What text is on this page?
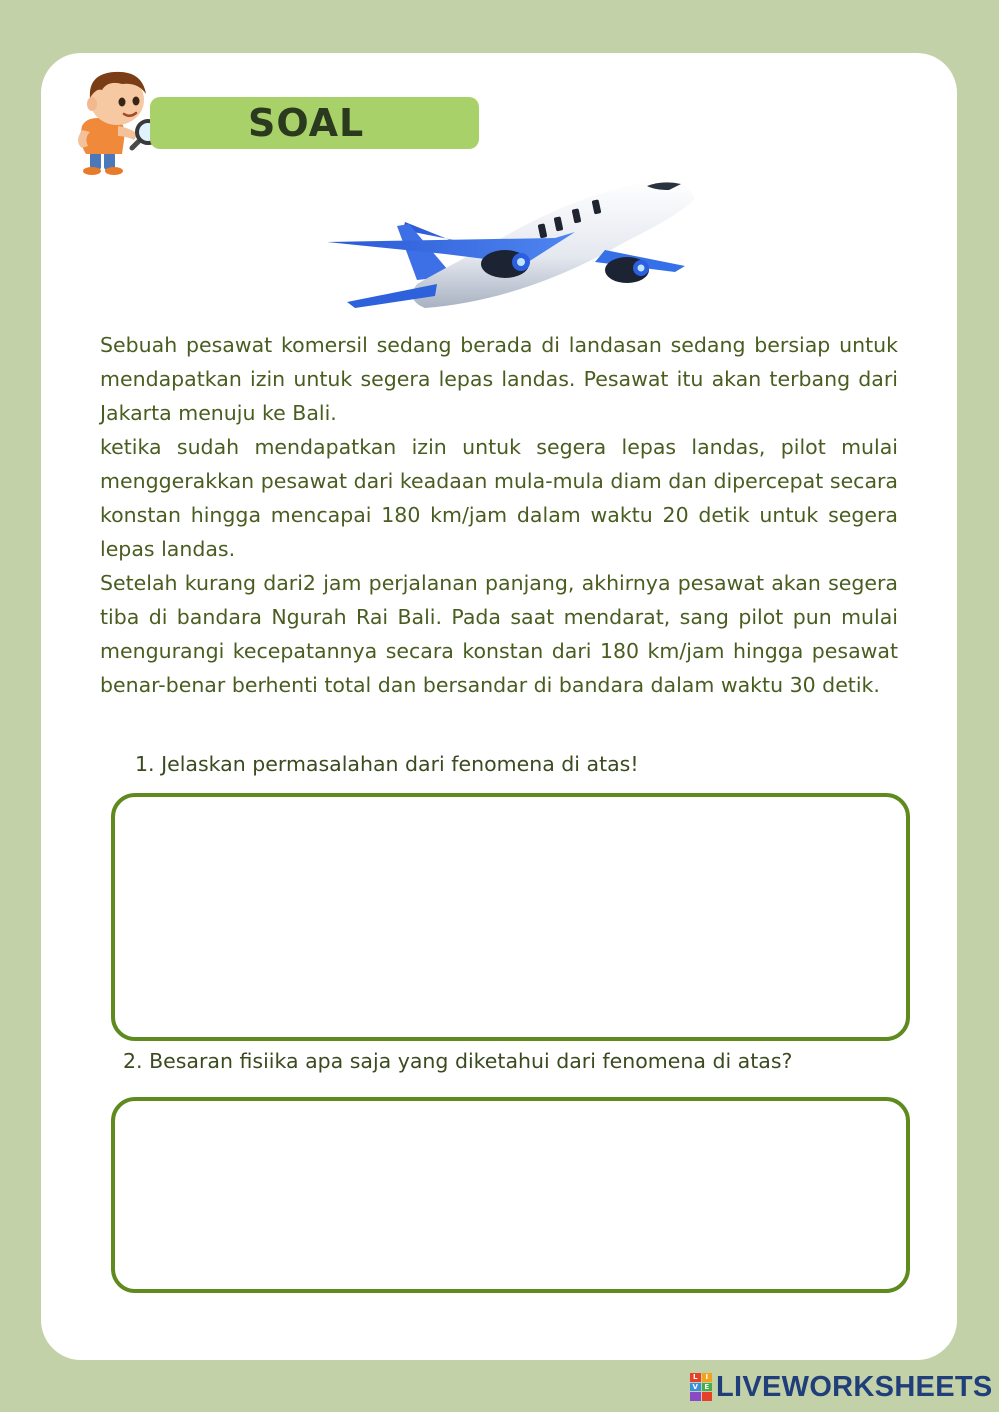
SOAL

Sebuah pesawat komersil sedang berada di landasan sedang bersiap untuk mendapatkan izin untuk segera lepas landas. Pesawat itu akan terbang dari Jakarta menuju ke Bali.

ketika sudah mendapatkan izin untuk segera lepas landas, pilot mulai menggerakkan pesawat dari keadaan mula-mula diam dan dipercepat secara konstan hingga mencapai 180 km/jam dalam waktu 20 detik untuk segera lepas landas.

Setelah kurang dari2 jam perjalanan panjang, akhirnya pesawat akan segera tiba di bandara Ngurah Rai Bali. Pada saat mendarat, sang pilot pun mulai mengurangi kecepatannya secara konstan dari 180 km/jam hingga pesawat benar-benar berhenti total dan bersandar di bandara dalam waktu 30 detik.

1. Jelaskan permasalahan dari fenomena di atas!
2. Besaran fisiika apa saja yang diketahui dari fenomena di atas?
L	I
V E LIVEWORKSHEETS
